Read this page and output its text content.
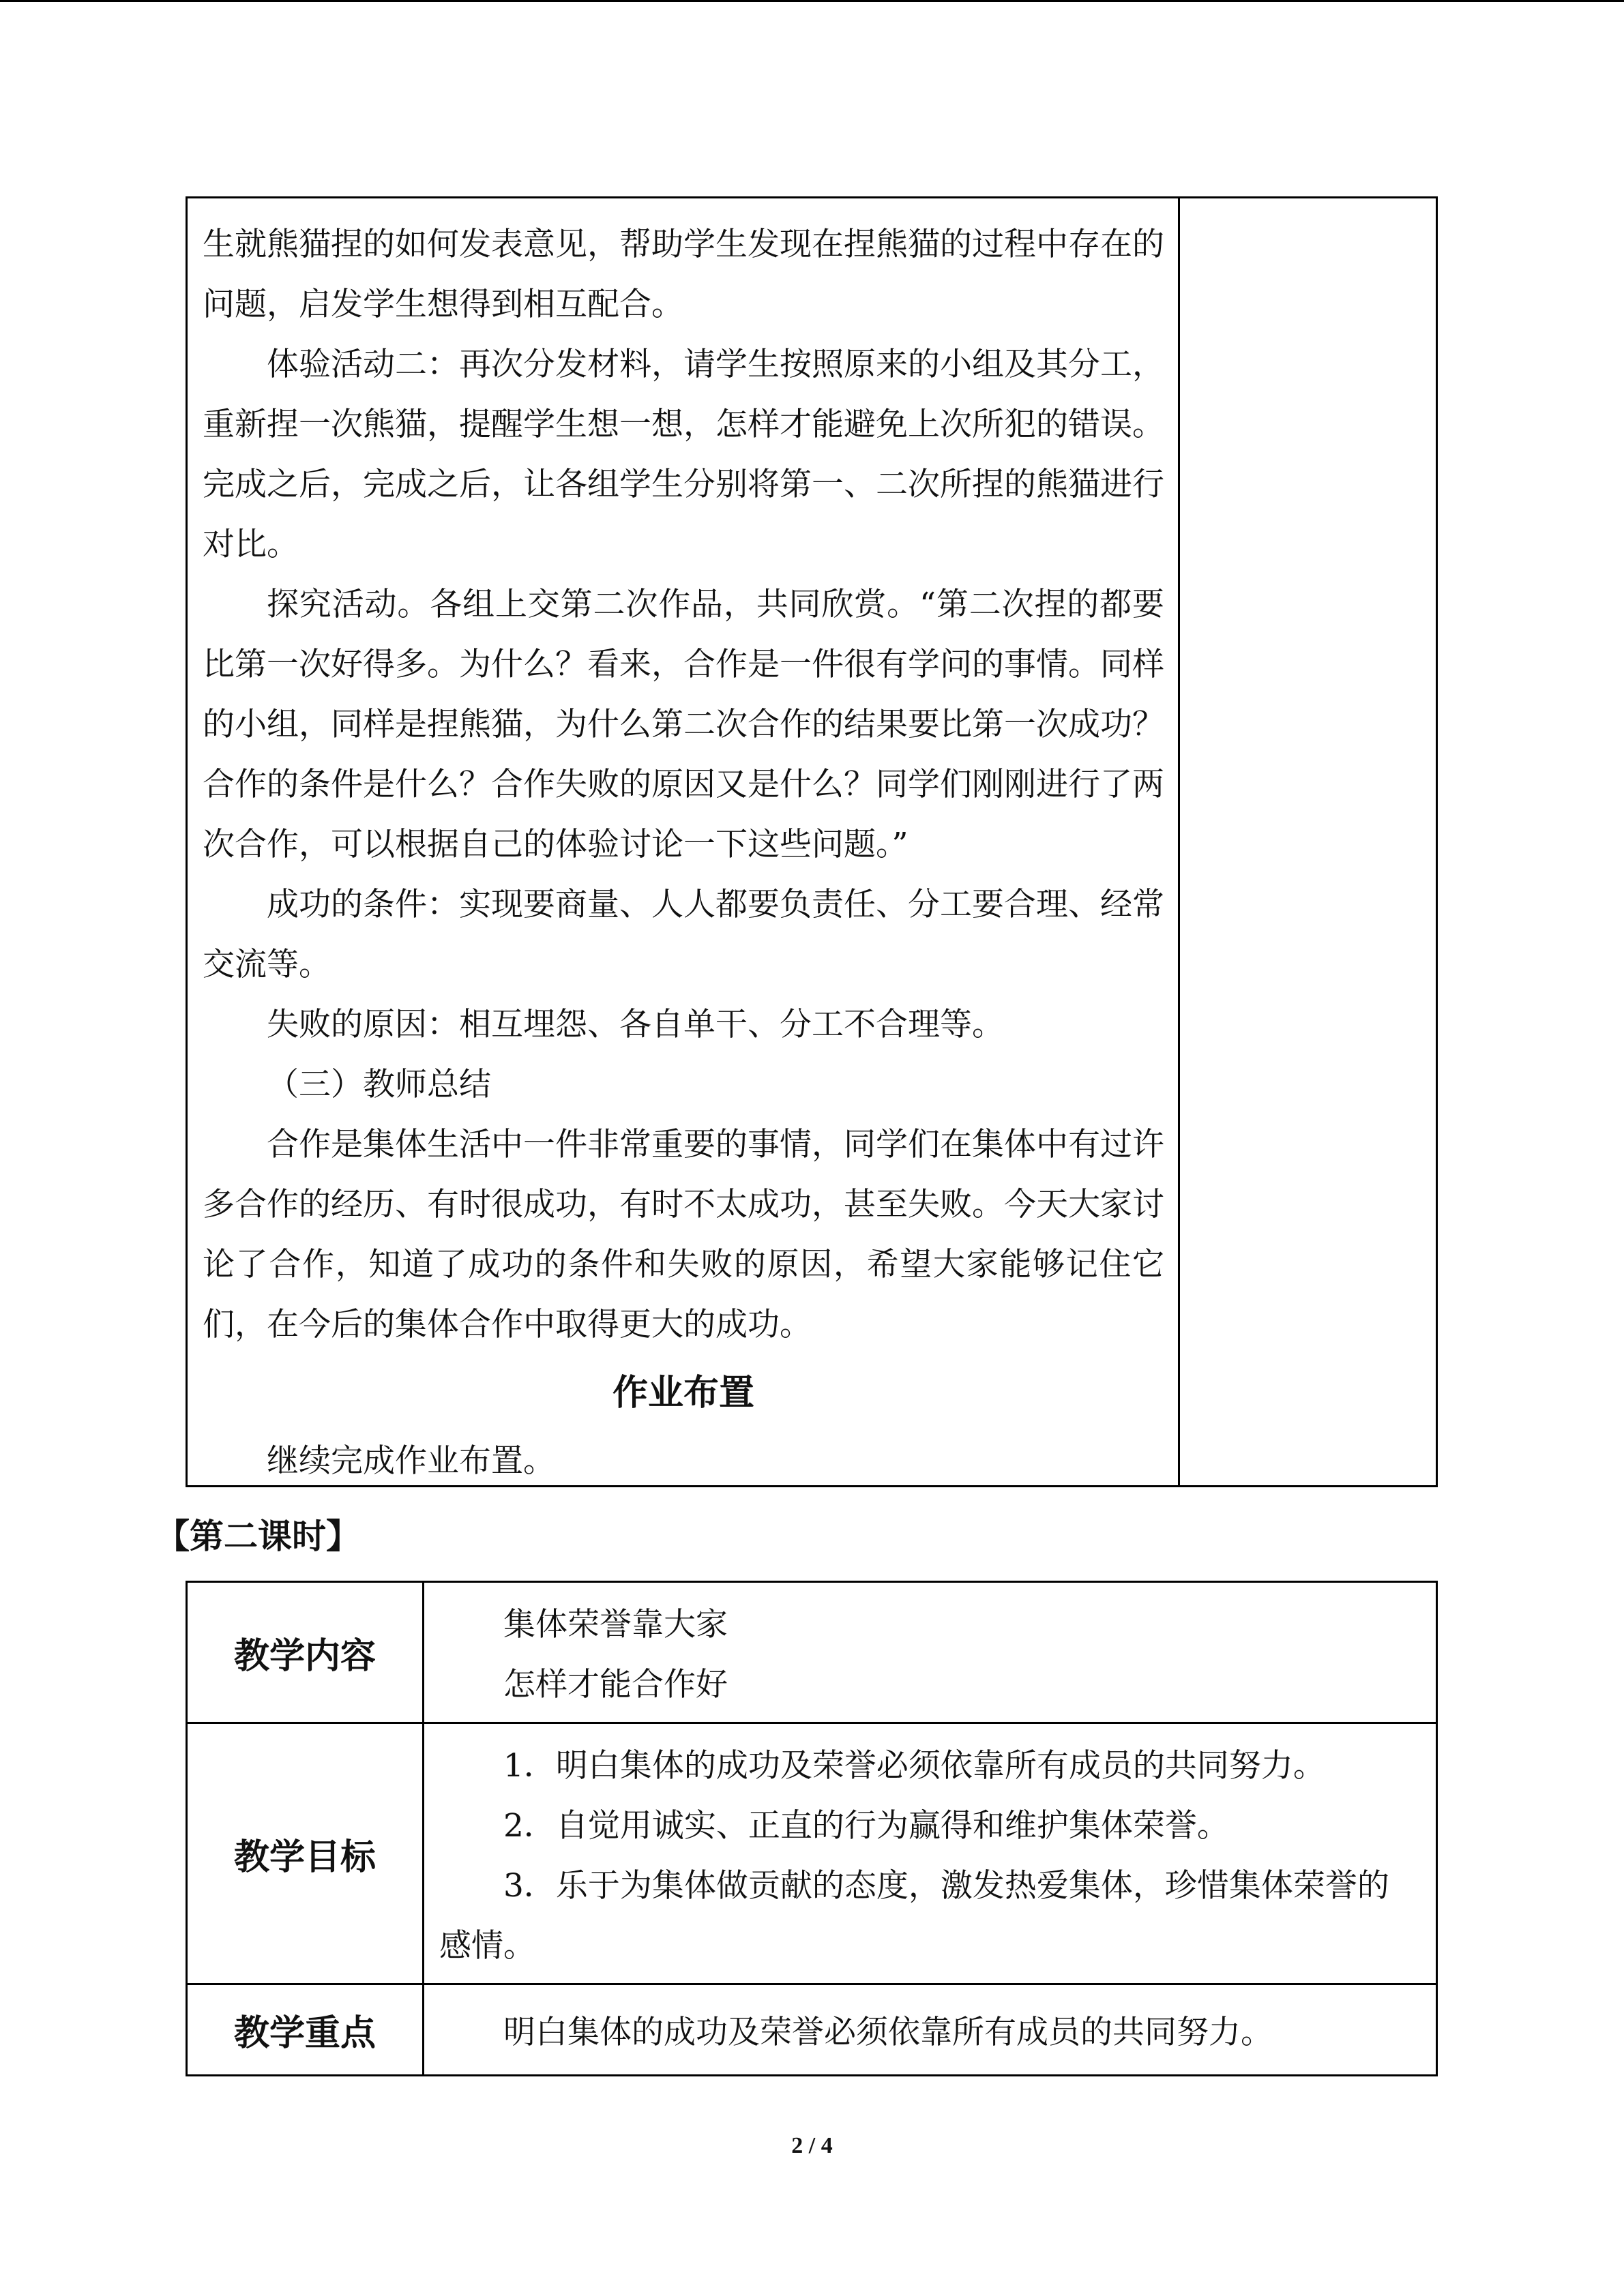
生就熊猫捏的如何发表意见，帮助学生发现在捏熊猫的过程中存在的问题，启发学生想得到相互配合。

体验活动二：再次分发材料，请学生按照原来的小组及其分工，重新捏一次熊猫，提醒学生想一想，怎样才能避免上次所犯的错误。完成之后，完成之后，让各组学生分别将第一、二次所捏的熊猫进行对比。

探究活动。各组上交第二次作品，共同欣赏。“第二次捏的都要比第一次好得多。为什么？看来，合作是一件很有学问的事情。同样的小组，同样是捏熊猫，为什么第二次合作的结果要比第一次成功？合作的条件是什么？合作失败的原因又是什么？同学们刚刚进行了两次合作，可以根据自己的体验讨论一下这些问题。”

成功的条件：实现要商量、人人都要负责任、分工要合理、经常交流等。

失败的原因：相互埋怨、各自单干、分工不合理等。

（三）教师总结

合作是集体生活中一件非常重要的事情，同学们在集体中有过许多合作的经历、有时很成功，有时不太成功，甚至失败。今天大家讨论了合作，知道了成功的条件和失败的原因，希望大家能够记住它们，在今后的集体合作中取得更大的成功。

作业布置

继续完成作业布置。

【第二课时】
教学内容	集体荣誉靠大家

怎样才能合作好

教学目标	1．明白集体的成功及荣誉必须依靠所有成员的共同努力。

2．自觉用诚实、正直的行为赢得和维护集体荣誉。

3．乐于为集体做贡献的态度，激发热爱集体，珍惜集体荣誉的感情。

教学重点	明白集体的成功及荣誉必须依靠所有成员的共同努力。

2 / 4
